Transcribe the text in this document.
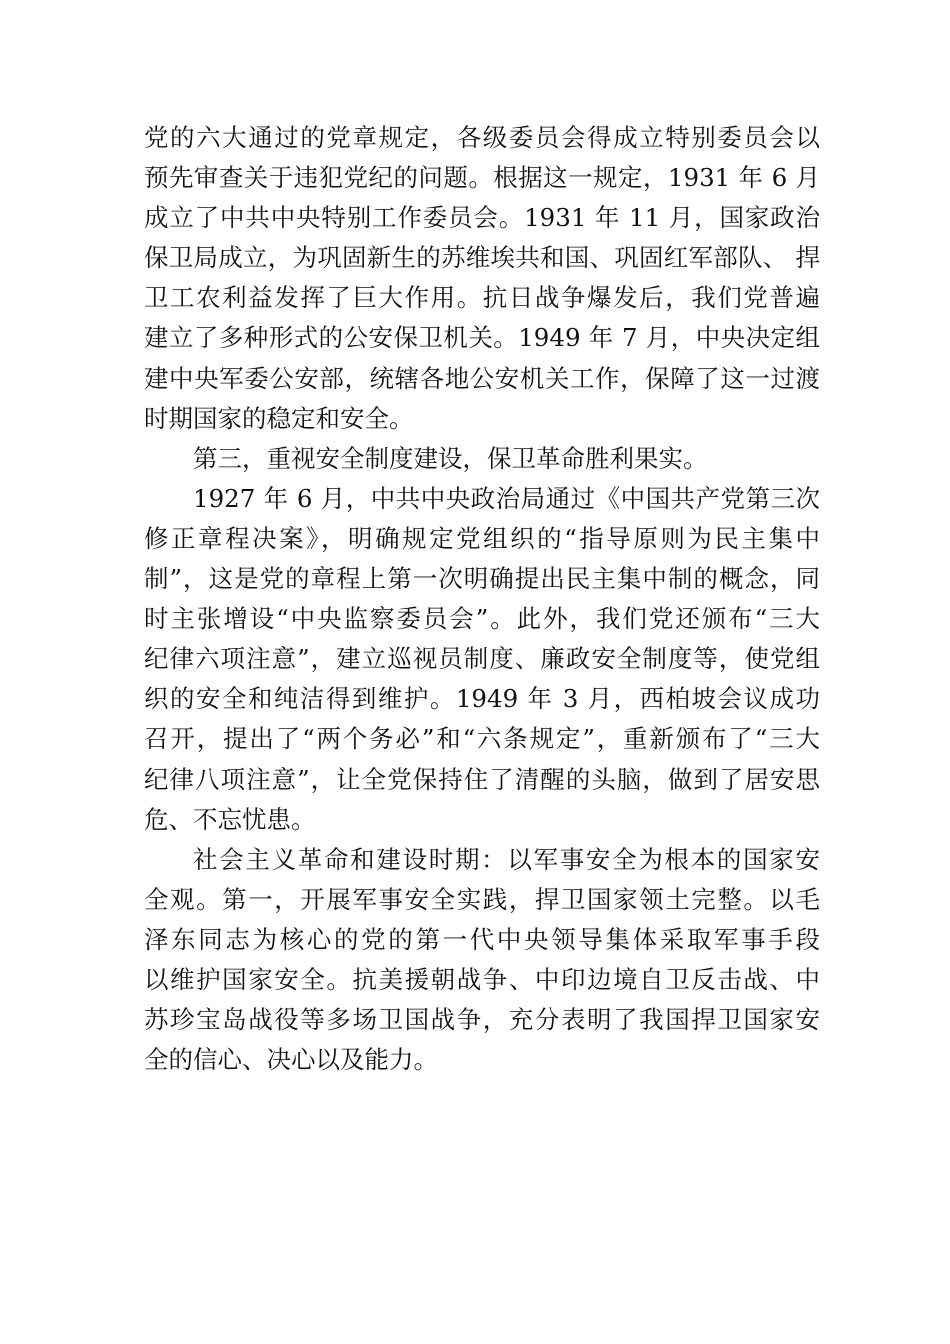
党的六大通过的党章规定，各级委员会得成立特别委员会以
预先审查关于违犯党纪的问题。根据这一规定，1931 年 6 月
成立了中共中央特别工作委员会。1931 年 11 月，国家政治
保卫局成立，为巩固新生的苏维埃共和国、巩固红军部队、 捍
卫工农利益发挥了巨大作用。抗日战争爆发后，我们党普遍
建立了多种形式的公安保卫机关。1949 年 7 月，中央决定组
建中央军委公安部，统辖各地公安机关工作，保障了这一过渡
时期国家的稳定和安全。
第三，重视安全制度建设，保卫革命胜利果实。
1927 年 6 月，中共中央政治局通过《中国共产党第三次
修正章程决案》，明确规定党组织的“指导原则为民主集中
制”，这是党的章程上第一次明确提出民主集中制的概念，同
时主张增设“中央监察委员会”。此外，我们党还颁布“三大
纪律六项注意”，建立巡视员制度、廉政安全制度等，使党组
织的安全和纯洁得到维护。1949 年 3 月，西柏坡会议成功
召开，提出了“两个务必”和“六条规定”，重新颁布了“三大
纪律八项注意”，让全党保持住了清醒的头脑，做到了居安思
危、不忘忧患。
社会主义革命和建设时期：以军事安全为根本的国家安
全观。第一，开展军事安全实践，捍卫国家领土完整。以毛
泽东同志为核心的党的第一代中央领导集体采取军事手段
以维护国家安全。抗美援朝战争、中印边境自卫反击战、中
苏珍宝岛战役等多场卫国战争，充分表明了我国捍卫国家安
全的信心、决心以及能力。
